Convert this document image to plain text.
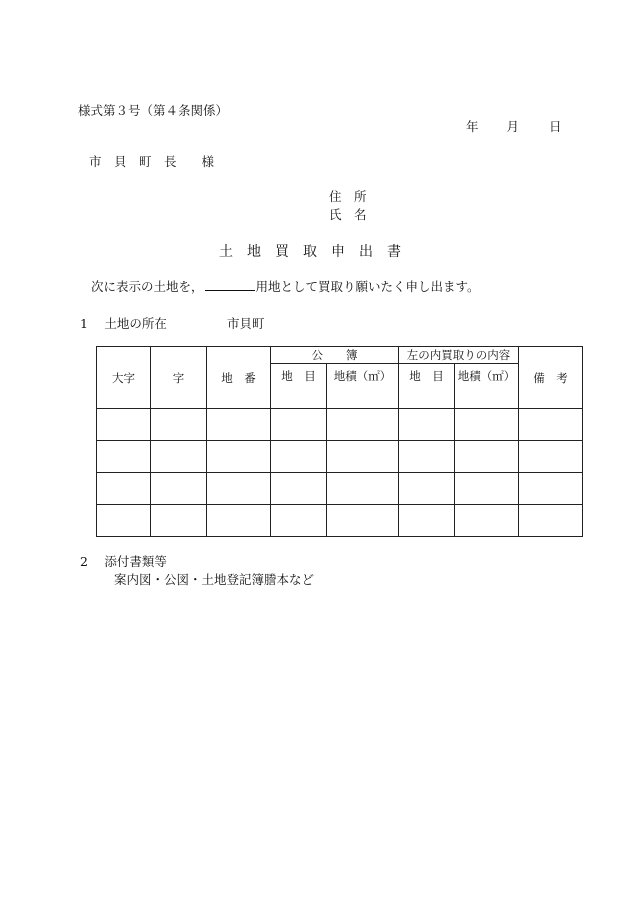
様式第３号（第４条関係）
年 月 日
市　貝　町　長　　様
住　所
氏　名
土　地　買　取　申　出　書
次に表示の土地を，	用地として買取り願いたく申し出ます。
1　 土地の所在	市貝町
大字	字	地　番	公　　簿		左の内買取りの内容		備　考
			地　目	地積（㎡）	地　目	地積（㎡）	

2　 添付書類等
案内図・公図・土地登記簿謄本など
